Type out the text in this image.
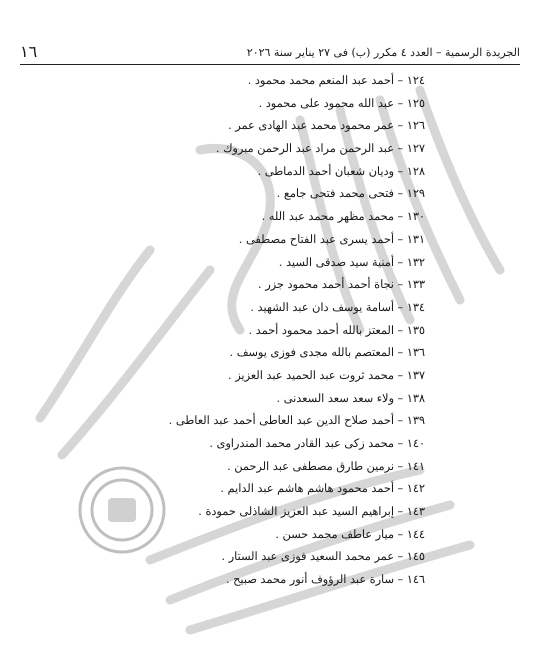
١٦	الجريدة الرسمية – العدد ٤ مكرر (ب) فى ٢٧ يناير سنة ٢٠٢٦
١٢٤ – أحمد عبد المنعم محمد محمود .
١٢٥ – عبد الله محمود على محمود .
١٢٦ – عمر محمود محمد عبد الهادى عمر .
١٢٧ – عبد الرحمن مراد عبد الرحمن مبروك .
١٢٨ – وديان شعبان أحمد الدماطى .
١٢٩ – فتحى محمد فتحى جامع .
١٣٠ – محمد مظهر محمد عبد الله .
١٣١ – أحمد يسرى عبد الفتاح مصطفى .
١٣٢ – أمنية سيد صدقى السيد .
١٣٣ – نجاة أحمد أحمد محمود جزر .
١٣٤ – أسامة يوسف دان عبد الشهيد .
١٣٥ – المعتز بالله أحمد محمود أحمد .
١٣٦ – المعتصم بالله مجدى فوزى يوسف .
١٣٧ – محمد ثروت عبد الحميد عبد العزيز .
١٣٨ – ولاء سعد سعد السعدنى .
١٣٩ – أحمد صلاح الدين عبد العاطى أحمد عبد العاطى .
١٤٠ – محمد زكى عبد القادر محمد المندراوى .
١٤١ – نرمين طارق مصطفى عبد الرحمن .
١٤٢ – أحمد محمود هاشم هاشم عبد الدايم .
١٤٣ – إبراهيم السيد عبد العزيز الشاذلى حمودة .
١٤٤ – ميار عاطف محمد حسن .
١٤٥ – عمر محمد السعيد فوزى عبد الستار .
١٤٦ – سارة عبد الرؤوف أنور محمد صبيح .
